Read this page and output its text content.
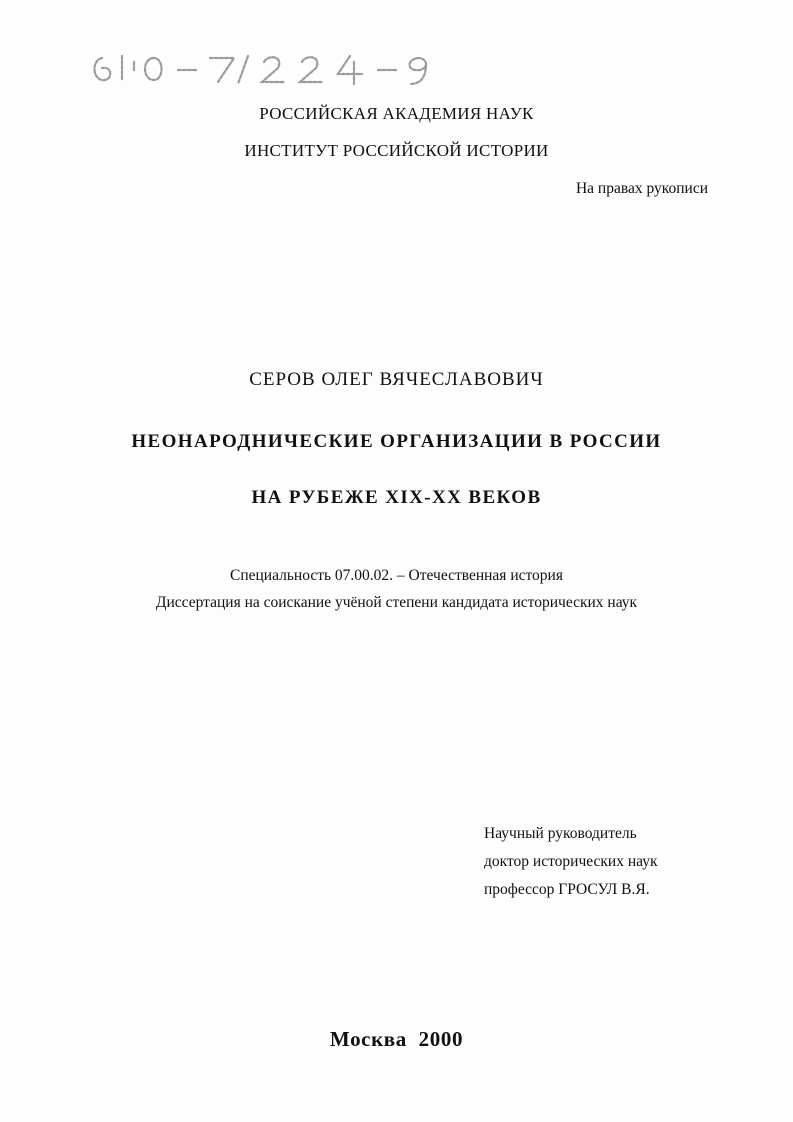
РОССИЙСКАЯ АКАДЕМИЯ НАУК
ИНСТИТУТ РОССИЙСКОЙ ИСТОРИИ
На правах рукописи
СЕРОВ ОЛЕГ ВЯЧЕСЛАВОВИЧ
НЕОНАРОДНИЧЕСКИЕ ОРГАНИЗАЦИИ В РОССИИ
НА РУБЕЖЕ XIX-XX ВЕКОВ
Специальность 07.00.02. – Отечественная история
Диссертация на соискание учёной степени кандидата исторических наук
Научный руководитель
доктор исторических наук
профессор ГРОСУЛ В.Я.
Москва 2000
